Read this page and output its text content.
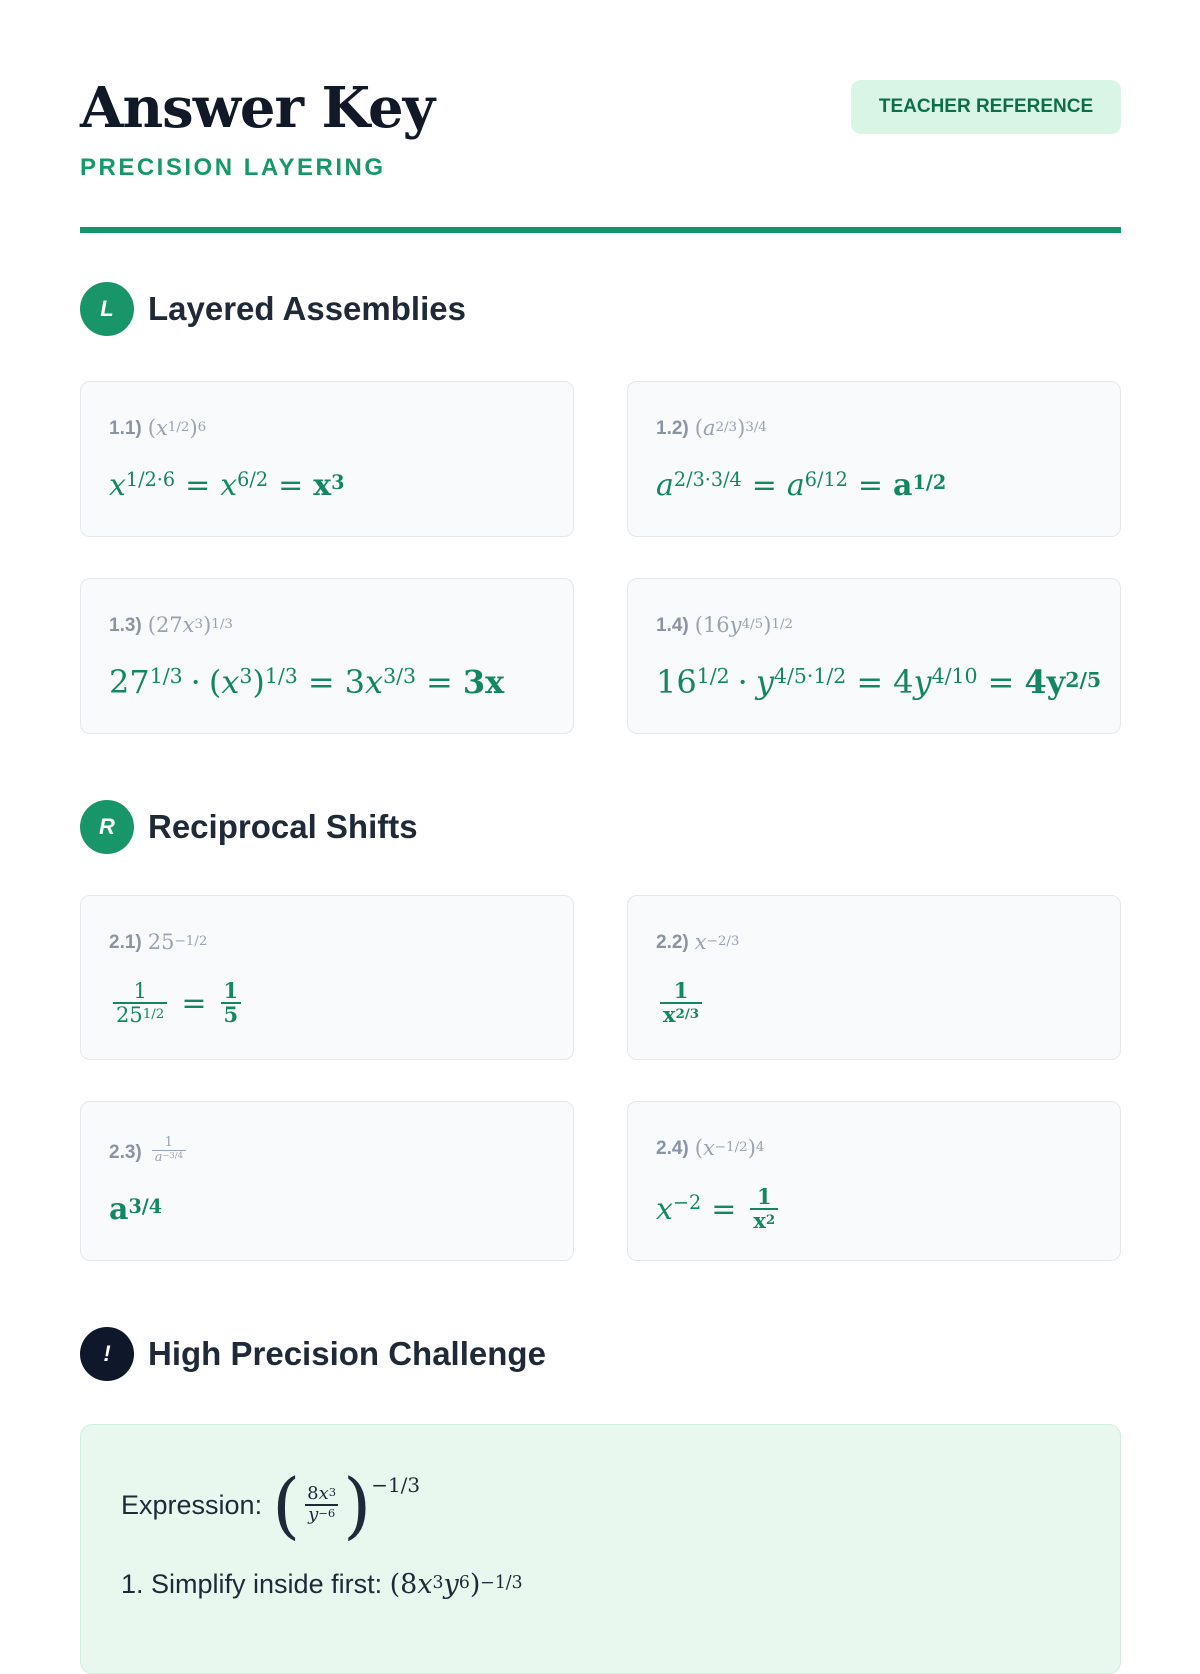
Answer Key
PRECISION LAYERING
TEACHER REFERENCE
L	Layered Assemblies
1.1) $(x^{1/2})^6$
$x^{1/2\cdot 6} = x^{6/2} = x^3$
1.2) $(a^{2/3})^{3/4}$
$a^{2/3\cdot 3/4} = a^{6/12} = a^{1/2}$
1.3) $(27x^3)^{1/3}$
$27^{1/3}$ · ( $x^3$ )$^{1/3}$ = 3 $x^{3/3} = 3x$
1.4) $(16y^{4/5})^{1/2}$
$16^{1/2} \cdot y^{4/5\cdot 1/2} = 4$ $y^{4/10} = 4y^{2/5}$
R	Reciprocal Shifts
2.1) $25^{-1/2}$
$\frac{1}{25^{1/2}} = \frac{1}{5}$
2.2) $x^{-2/3}$
$\frac{1}{x^{2/3}}$
$2.3) \frac{1}{a^{-3/4}}$
$a^{3/4}$
2.4) $(x^{-1/2})^4$
$x^{-2} = \frac{1}{x^2}$
!	High Precision Challenge
Expression: ( $\frac{8x^3}{y^{-6}}$ ) −1/3
1. Simplify inside first: $(8x^3y^6)^{-1/3}$
